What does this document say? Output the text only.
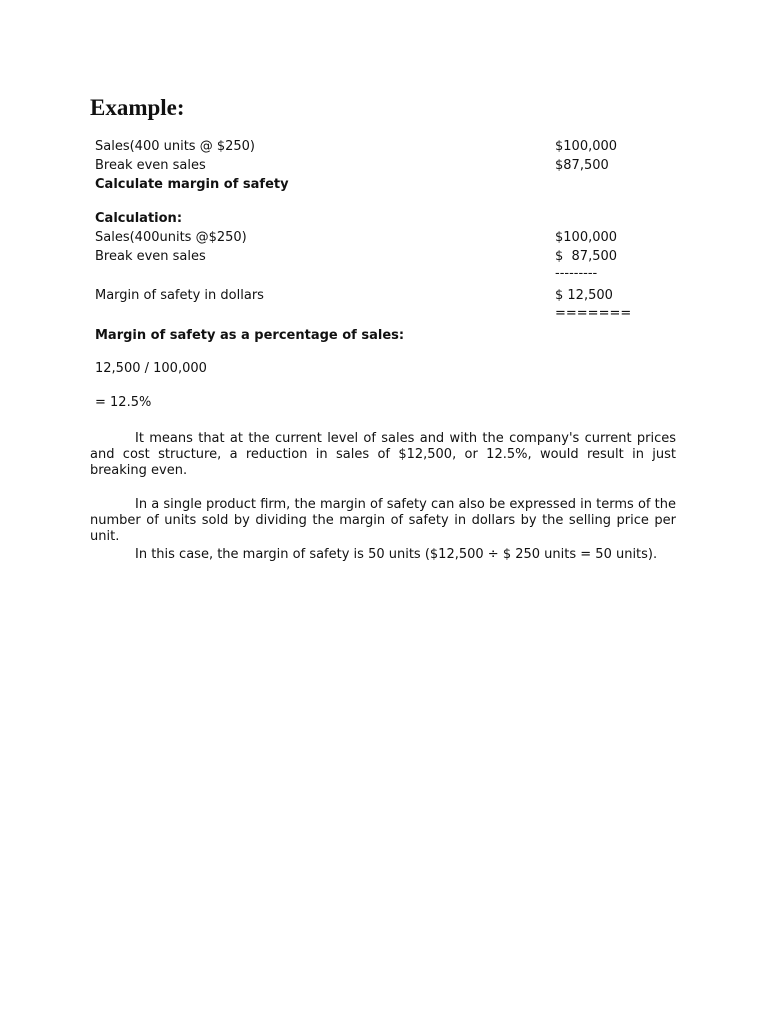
Example:
Sales(400 units @ $250)	$100,000
Break even sales	$87,500
Calculate margin of safety
Calculation:
Sales(400units @$250)	$100,000
Break even sales	$  87,500
---------
Margin of safety in dollars	$ 12,500
=======
Margin of safety as a percentage of sales:
12,500 / 100,000
= 12.5%

It means that at the current level of sales and with the company's current prices and cost structure, a reduction in sales of $12,500, or 12.5%, would result in just breaking even.

In a single product firm, the margin of safety can also be expressed in terms of the number of units sold by dividing the margin of safety in dollars by the selling price per unit.

In this case, the margin of safety is 50 units ($12,500 ÷ $ 250 units = 50 units).
